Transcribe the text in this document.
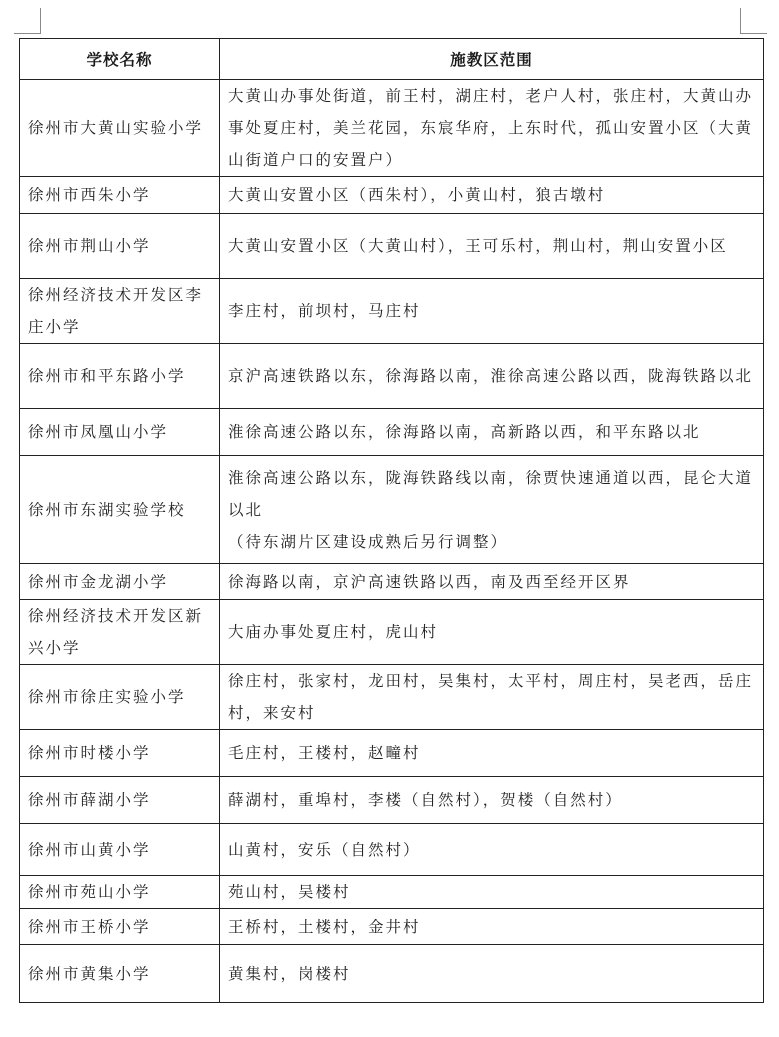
学校名称	施教区范围
徐州市大黄山实验小学	大黄山办事处街道，前王村，湖庄村，老户人村，张庄村，大黄山办事处夏庄村，美兰花园，东宸华府，上东时代，孤山安置小区（大黄山街道户口的安置户）

徐州市西朱小学	大黄山安置小区（西朱村），小黄山村，狼古墩村

徐州市荆山小学	大黄山安置小区（大黄山村），王可乐村，荆山村，荆山安置小区

徐州经济技术开发区李庄小学	李庄村，前坝村，马庄村

徐州市和平东路小学	京沪高速铁路以东，徐海路以南，淮徐高速公路以西，陇海铁路以北

徐州市凤凰山小学	淮徐高速公路以东，徐海路以南，高新路以西，和平东路以北

徐州市东湖实验学校	淮徐高速公路以东，陇海铁路线以南，徐贾快速通道以西，昆仑大道以北
（待东湖片区建设成熟后另行调整）

徐州市金龙湖小学	徐海路以南，京沪高速铁路以西，南及西至经开区界

徐州经济技术开发区新兴小学	大庙办事处夏庄村，虎山村

徐州市徐庄实验小学	徐庄村，张家村，龙田村，吴集村，太平村，周庄村，吴老西，岳庄村，来安村

徐州市时楼小学	毛庄村，王楼村，赵疃村

徐州市薛湖小学	薛湖村，重埠村，李楼（自然村），贺楼（自然村）

徐州市山黄小学	山黄村，安乐（自然村）

徐州市苑山小学	苑山村，吴楼村

徐州市王桥小学	王桥村，土楼村，金井村

徐州市黄集小学	黄集村，岗楼村
